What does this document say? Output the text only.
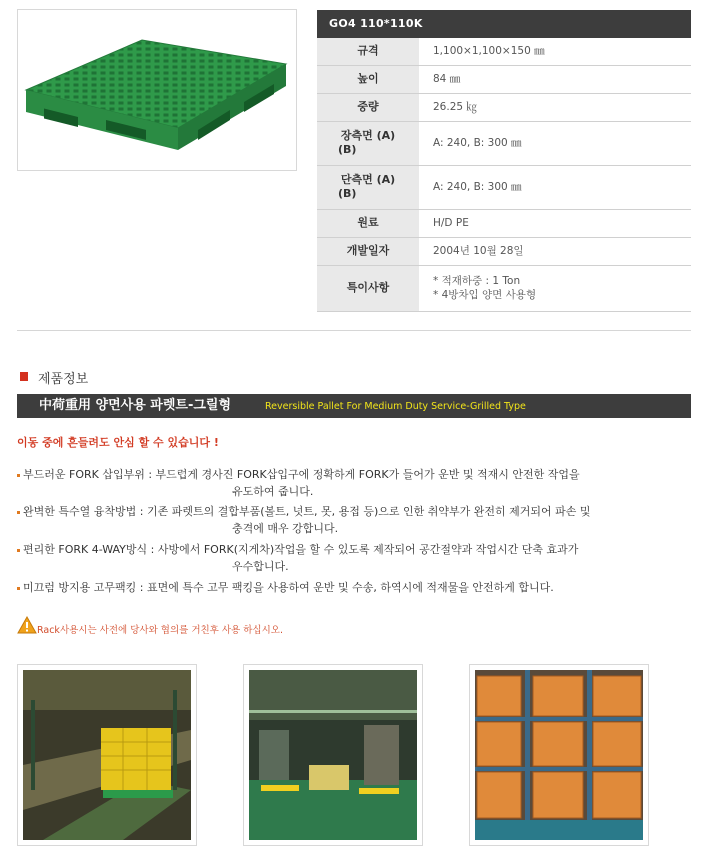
GO4 110*110K
규격	1,100×1,100×150 ㎜
높이	84 ㎜
중량	26.25 ㎏

장측면 (A)
(B)	A: 240, B: 300 ㎜

단측면 (A)
(B)	A: 240, B: 300 ㎜
원료	H/D PE
개발일자	2004년 10월 28일
특이사항	* 적재하중 : 1 Ton
* 4방차입 양면 사용형
제품정보
中荷重用 양면사용 파렛트-그릴형	Reversible Pallet For Medium Duty Service-Grilled Type
이동 중에 흔들려도 안심 할 수 있습니다 !
부드러운 FORK 삽입부위 : 부드럽게 경사진 FORK삽입구에 정확하게 FORK가 들어가 운반 및 적재시 안전한 작업을
유도하여 줍니다.
완벽한 특수열 융착방법 : 기존 파렛트의 결합부품(볼트, 넛트, 못, 용접 등)으로 인한 취약부가 완전히 제거되어 파손 및
충격에 매우 강합니다.
편리한 FORK 4-WAY방식 : 사방에서 FORK(지게차)작업을 할 수 있도록 제작되어 공간절약과 작업시간 단축 효과가
우수합니다.
미끄럼 방지용 고무팩킹 : 표면에 특수 고무 팩킹을 사용하여 운반 및 수송, 하역시에 적재물을 안전하게 합니다.
Rack사용시는 사전에 당사와 협의를 거친후 사용 하십시오.
